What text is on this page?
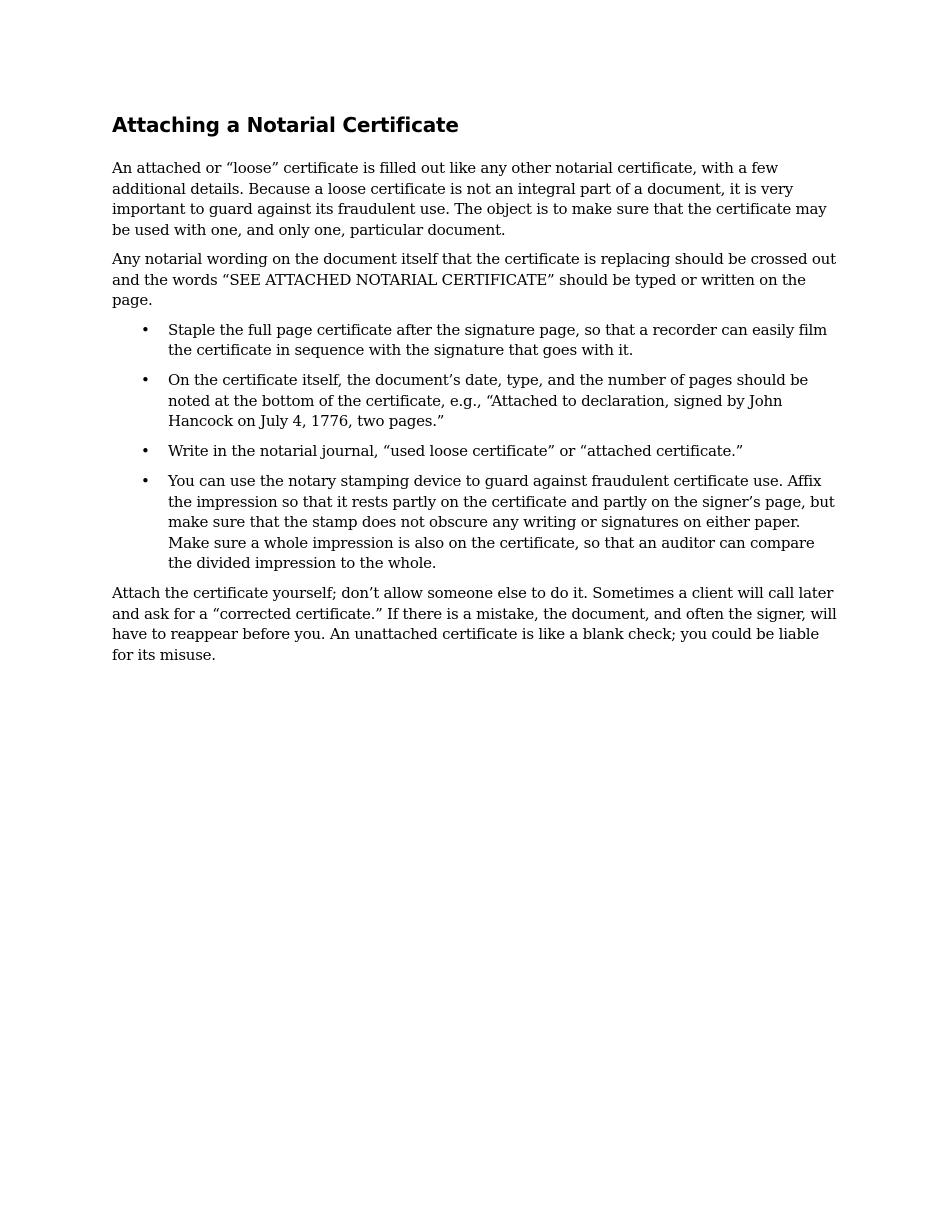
Attaching a Notarial Certificate

An attached or “loose” certificate is filled out like any other notarial certificate, with a few additional details. Because a loose certificate is not an integral part of a document, it is very important to guard against its fraudulent use. The object is to make sure that the certificate may be used with one, and only one, particular document.

Any notarial wording on the document itself that the certificate is replacing should be crossed out and the words “SEE ATTACHED NOTARIAL CERTIFICATE” should be typed or written on the page.

• Staple the full page certificate after the signature page, so that a recorder can easily film the certificate in sequence with the signature that goes with it.
• On the certificate itself, the document’s date, type, and the number of pages should be noted at the bottom of the certificate, e.g., “Attached to declaration, signed by John Hancock on July 4, 1776, two pages.”
• Write in the notarial journal, “used loose certificate” or “attached certificate.”
• You can use the notary stamping device to guard against fraudulent certificate use. Affix the impression so that it rests partly on the certificate and partly on the signer’s page, but make sure that the stamp does not obscure any writing or signatures on either paper. Make sure a whole impression is also on the certificate, so that an auditor can compare the divided impression to the whole.

Attach the certificate yourself; don’t allow someone else to do it. Sometimes a client will call later and ask for a “corrected certificate.” If there is a mistake, the document, and often the signer, will have to reappear before you. An unattached certificate is like a blank check; you could be liable for its misuse.
